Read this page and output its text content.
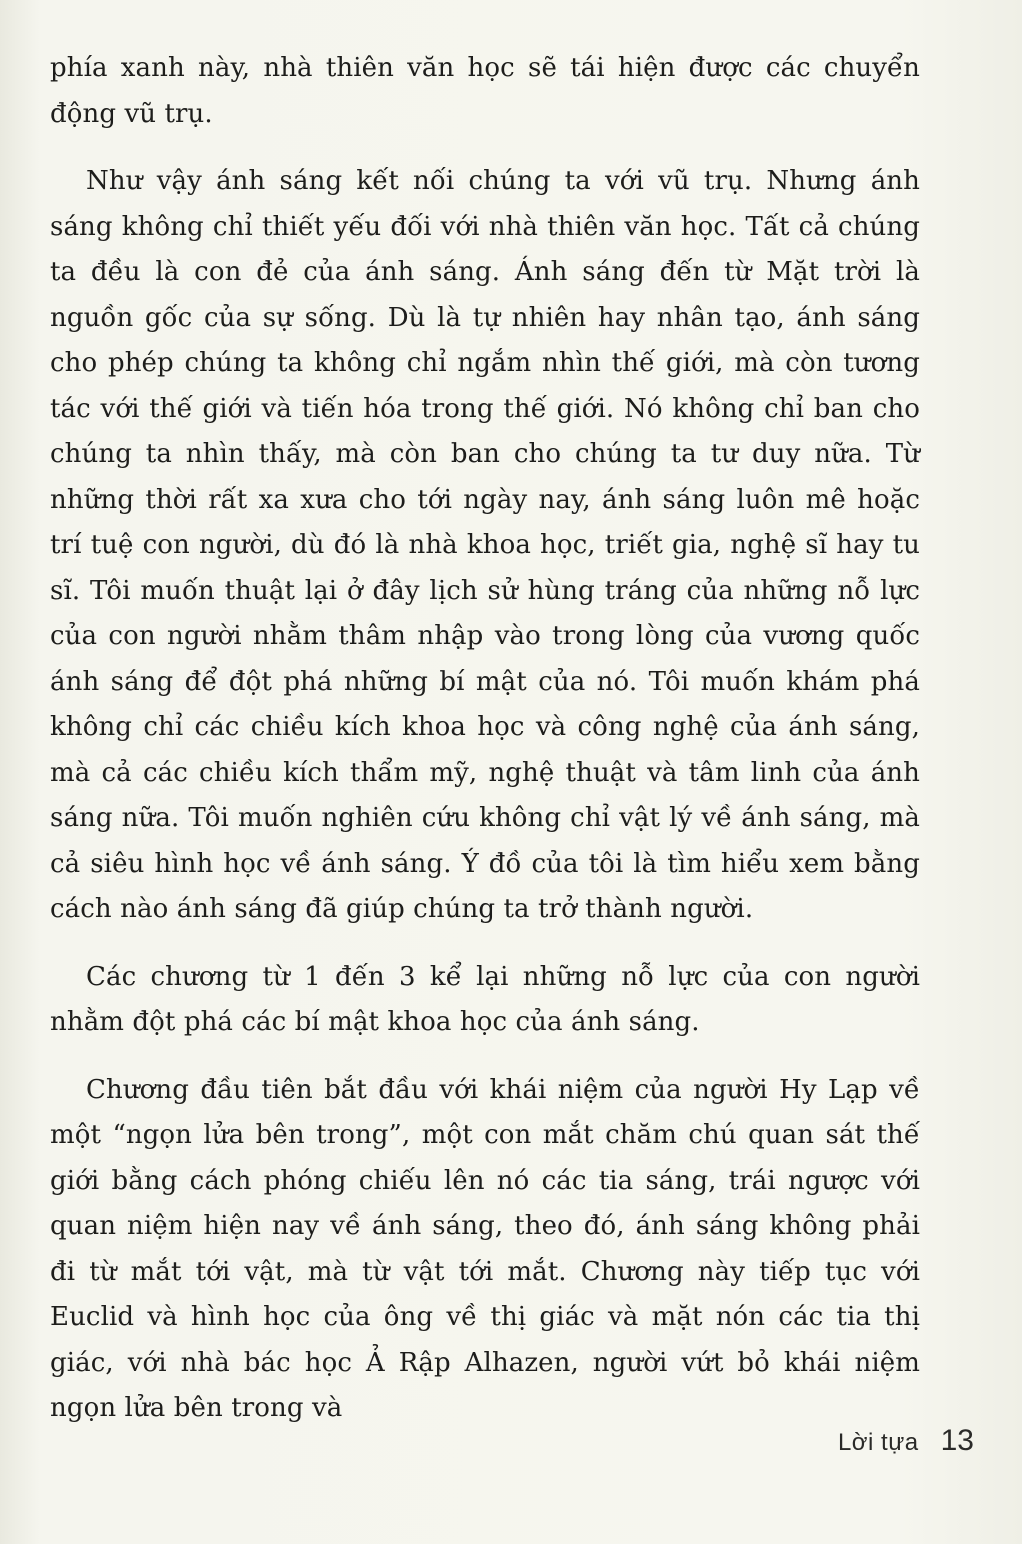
phía xanh này, nhà thiên văn học sẽ tái hiện được các chuyển động vũ trụ.

Như vậy ánh sáng kết nối chúng ta với vũ trụ. Nhưng ánh sáng không chỉ thiết yếu đối với nhà thiên văn học. Tất cả chúng ta đều là con đẻ của ánh sáng. Ánh sáng đến từ Mặt trời là nguồn gốc của sự sống. Dù là tự nhiên hay nhân tạo, ánh sáng cho phép chúng ta không chỉ ngắm nhìn thế giới, mà còn tương tác với thế giới và tiến hóa trong thế giới. Nó không chỉ ban cho chúng ta nhìn thấy, mà còn ban cho chúng ta tư duy nữa. Từ những thời rất xa xưa cho tới ngày nay, ánh sáng luôn mê hoặc trí tuệ con người, dù đó là nhà khoa học, triết gia, nghệ sĩ hay tu sĩ. Tôi muốn thuật lại ở đây lịch sử hùng tráng của những nỗ lực của con người nhằm thâm nhập vào trong lòng của vương quốc ánh sáng để đột phá những bí mật của nó. Tôi muốn khám phá không chỉ các chiều kích khoa học và công nghệ của ánh sáng, mà cả các chiều kích thẩm mỹ, nghệ thuật và tâm linh của ánh sáng nữa. Tôi muốn nghiên cứu không chỉ vật lý về ánh sáng, mà cả siêu hình học về ánh sáng. Ý đồ của tôi là tìm hiểu xem bằng cách nào ánh sáng đã giúp chúng ta trở thành người.

Các chương từ 1 đến 3 kể lại những nỗ lực của con người nhằm đột phá các bí mật khoa học của ánh sáng.

Chương đầu tiên bắt đầu với khái niệm của người Hy Lạp về một “ngọn lửa bên trong”, một con mắt chăm chú quan sát thế giới bằng cách phóng chiếu lên nó các tia sáng, trái ngược với quan niệm hiện nay về ánh sáng, theo đó, ánh sáng không phải đi từ mắt tới vật, mà từ vật tới mắt. Chương này tiếp tục với Euclid và hình học của ông về thị giác và mặt nón các tia thị giác, với nhà bác học Ả Rập Alhazen, người vứt bỏ khái niệm ngọn lửa bên trong và

Lời tựa 13
